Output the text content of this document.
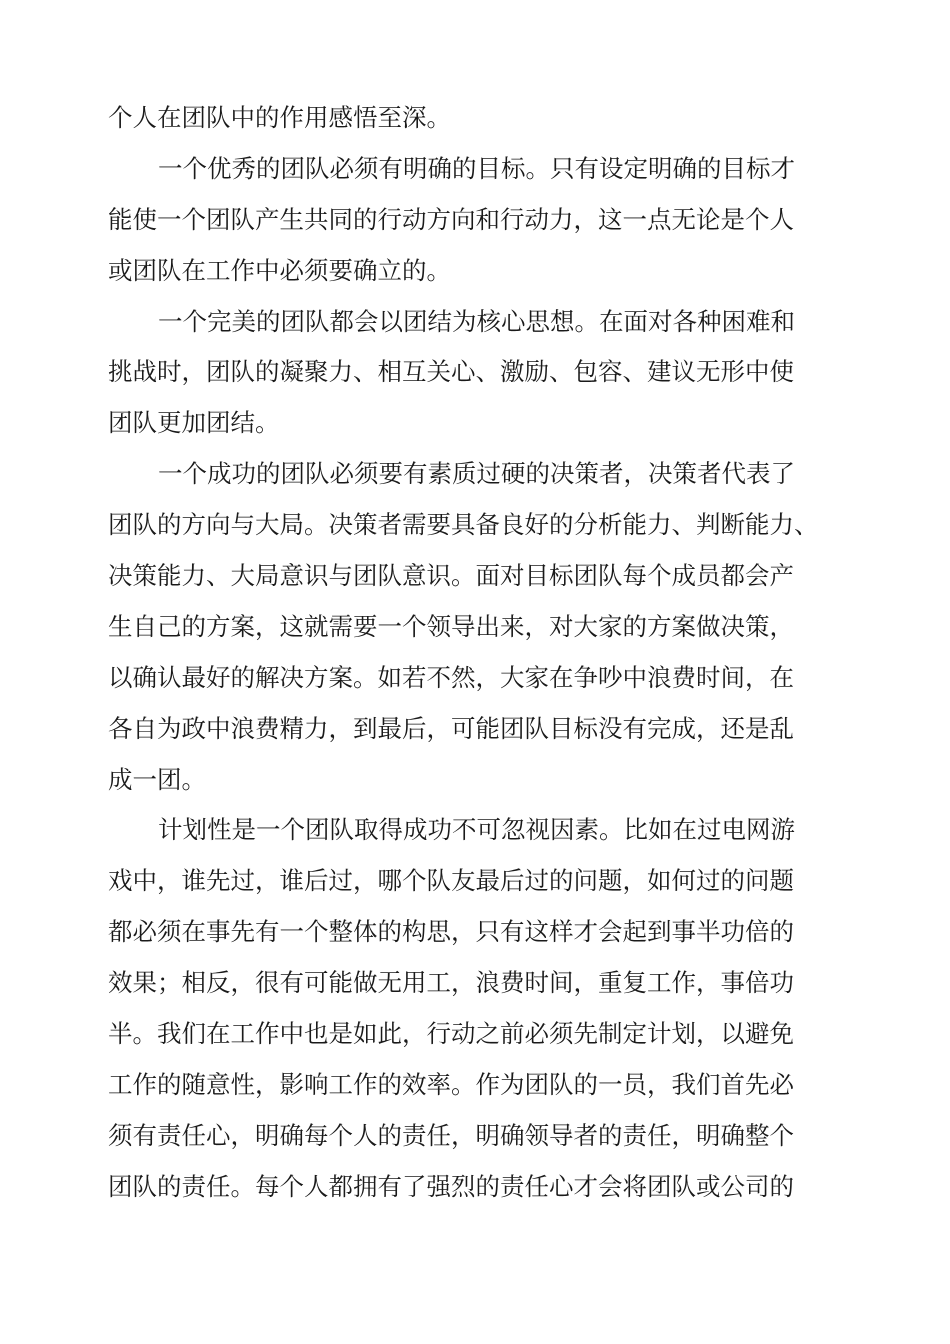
个人在团队中的作用感悟至深。
一个优秀的团队必须有明确的目标。只有设定明确的目标才
能使一个团队产生共同的行动方向和行动力，这一点无论是个人
或团队在工作中必须要确立的。
一个完美的团队都会以团结为核心思想。在面对各种困难和
挑战时，团队的凝聚力、相互关心、激励、包容、建议无形中使
团队更加团结。
一个成功的团队必须要有素质过硬的决策者，决策者代表了
团队的方向与大局。决策者需要具备良好的分析能力、判断能力、
决策能力、大局意识与团队意识。面对目标团队每个成员都会产
生自己的方案，这就需要一个领导出来，对大家的方案做决策，
以确认最好的解决方案。如若不然，大家在争吵中浪费时间，在
各自为政中浪费精力，到最后，可能团队目标没有完成，还是乱
成一团。
计划性是一个团队取得成功不可忽视因素。比如在过电网游
戏中，谁先过，谁后过，哪个队友最后过的问题，如何过的问题
都必须在事先有一个整体的构思，只有这样才会起到事半功倍的
效果；相反，很有可能做无用工，浪费时间，重复工作，事倍功
半。我们在工作中也是如此，行动之前必须先制定计划，以避免
工作的随意性，影响工作的效率。作为团队的一员，我们首先必
须有责任心，明确每个人的责任，明确领导者的责任，明确整个
团队的责任。每个人都拥有了强烈的责任心才会将团队或公司的
